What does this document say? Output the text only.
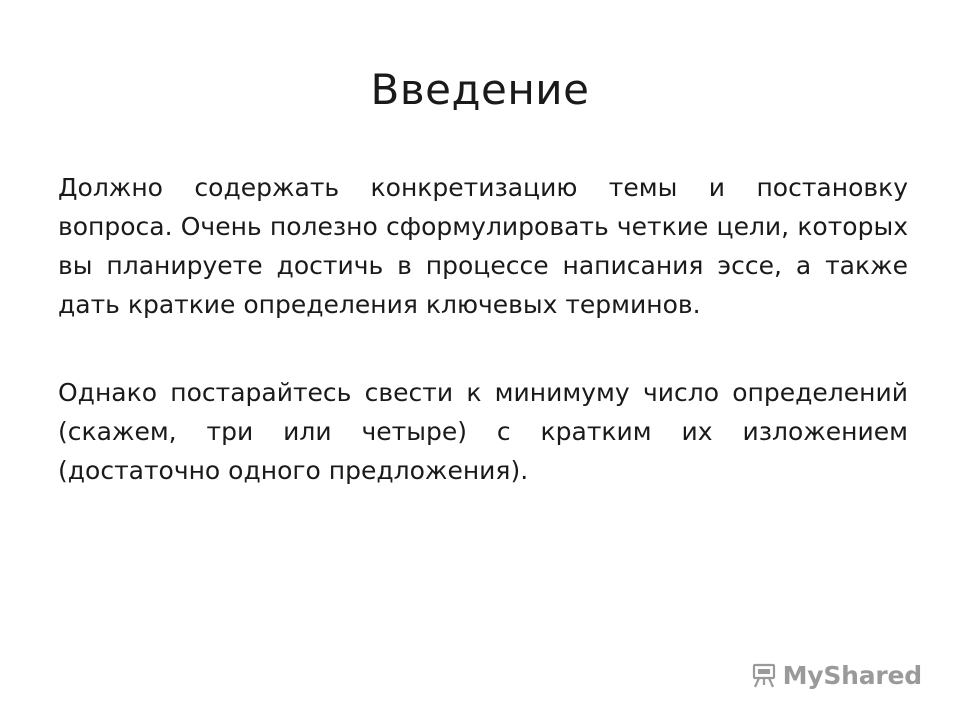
Введение

Должно содержать конкретизацию темы и постановку вопроса. Очень полезно сформулировать четкие цели, которых вы планируете достичь в процессе написания эссе, а также дать краткие определения ключевых терминов.

Однако постарайтесь свести к минимуму число определений (скажем, три или четыре) с кратким их изложением (достаточно одного предложения).

MyShared
